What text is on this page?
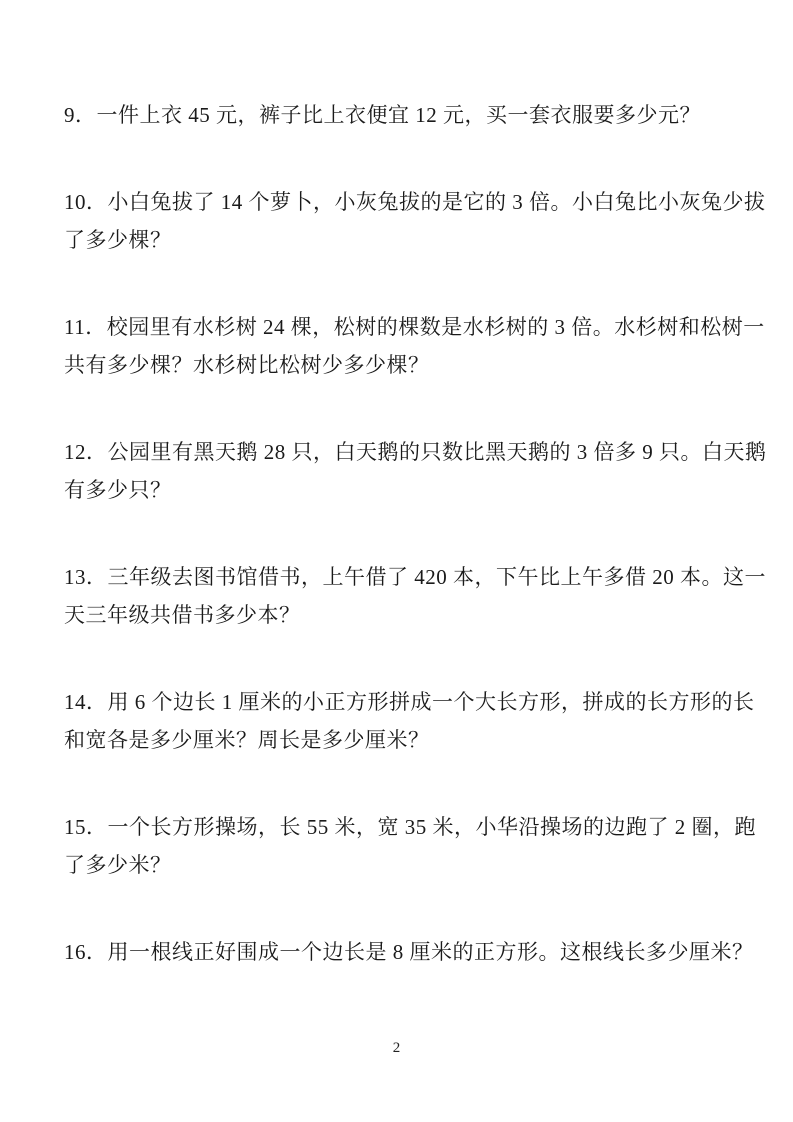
9．一件上衣 45 元，裤子比上衣便宜 12 元，买一套衣服要多少元？
10．小白兔拔了 14 个萝卜，小灰兔拔的是它的 3 倍。小白兔比小灰兔少拔
了多少棵？
11．校园里有水杉树 24 棵，松树的棵数是水杉树的 3 倍。水杉树和松树一
共有多少棵？水杉树比松树少多少棵？
12．公园里有黑天鹅 28 只，白天鹅的只数比黑天鹅的 3 倍多 9 只。白天鹅
有多少只？
13．三年级去图书馆借书，上午借了 420 本，下午比上午多借 20 本。这一
天三年级共借书多少本？
14．用 6 个边长 1 厘米的小正方形拼成一个大长方形，拼成的长方形的长
和宽各是多少厘米？周长是多少厘米？
15．一个长方形操场，长 55 米，宽 35 米，小华沿操场的边跑了 2 圈，跑
了多少米？
16．用一根线正好围成一个边长是 8 厘米的正方形。这根线长多少厘米？
2
